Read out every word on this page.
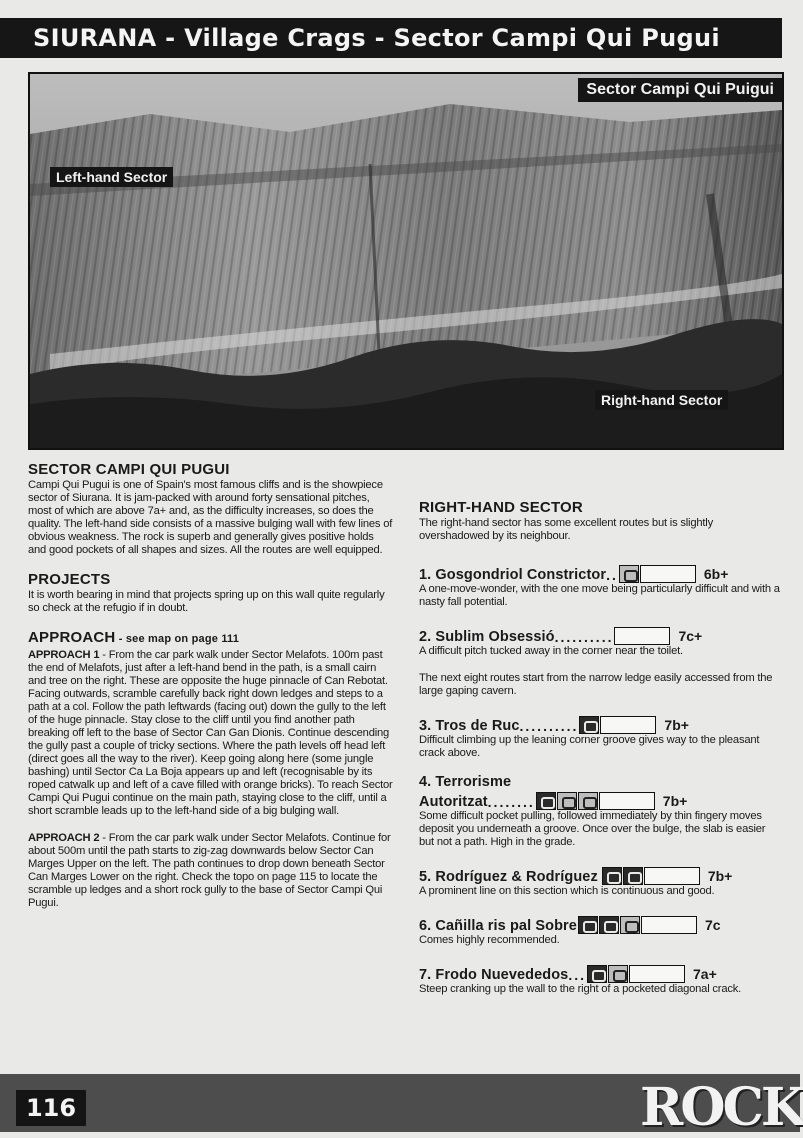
SIURANA - Village Crags - Sector Campi Qui Pugui
Sector Campi Qui Puigui
Left-hand Sector
Right-hand Sector
SECTOR CAMPI QUI PUGUI

Campi Qui Pugui is one of Spain's most famous cliffs and is the showpiece sector of Siurana. It is jam-packed with around forty sensational pitches, most of which are above 7a+ and, as the difficulty increases, so does the quality. The left-hand side consists of a massive bulging wall with few lines of obvious weakness. The rock is superb and generally gives positive holds and good pockets of all shapes and sizes. All the routes are well equipped.

PROJECTS

It is worth bearing in mind that projects spring up on this wall quite regularly so check at the refugio if in doubt.

APPROACH - see map on page 111

APPROACH 1 - From the car park walk under Sector Melafots. 100m past the end of Melafots, just after a left-hand bend in the path, is a small cairn and tree on the right. These are opposite the huge pinnacle of Can Rebotat. Facing outwards, scramble carefully back right down ledges and steps to a path at a col. Follow the path leftwards (facing out) down the gully to the left of the huge pinnacle. Stay close to the cliff until you find another path breaking off left to the base of Sector Can Gan Dionis. Continue descending the gully past a couple of tricky sections. Where the path levels off head left (direct goes all the way to the river). Keep going along here (some jungle bashing) until Sector Ca La Boja appears up and left (recognisable by its roped catwalk up and left of a cave filled with orange bricks). To reach Sector Campi Qui Pugui continue on the main path, staying close to the cliff, until a short scramble leads up to the left-hand side of a big bulging wall.

APPROACH 2 - From the car park walk under Sector Melafots. Continue for about 500m until the path starts to zig-zag downwards below Sector Can Marges Upper on the left. The path continues to drop down beneath Sector Can Marges Lower on the right. Check the topo on page 115 to locate the scramble up ledges and a short rock gully to the base of Sector Campi Qui Pugui.

RIGHT-HAND SECTOR

The right-hand sector has some excellent routes but is slightly overshadowed by its neighbour.

1. Gosgondriol Constrictor ..	6b+
A one-move-wonder, with the one move being particularly difficult and with a nasty fall potential.
2. Sublim Obsessió ..........	7c+
A difficult pitch tucked away in the corner near the toilet.

The next eight routes start from the narrow ledge easily accessed from the large gaping cavern.

3. Tros de Ruc ..........	7b+
Difficult climbing up the leaning corner groove gives way to the pleasant crack above.
4. Terrorisme
Autoritzat ........	7b+
Some difficult pocket pulling, followed immediately by thin fingery moves deposit you underneath a groove. Once over the bulge, the slab is easier but not a path. High in the grade.
5. Rodríguez & Rodríguez	7b+
A prominent line on this section which is continuous and good.
6. Cañilla ris pal Sobre	7c
Comes highly recommended.
7. Frodo Nuevededos ...	7a+
Steep cranking up the wall to the right of a pocketed diagonal crack.
116	ROCK
